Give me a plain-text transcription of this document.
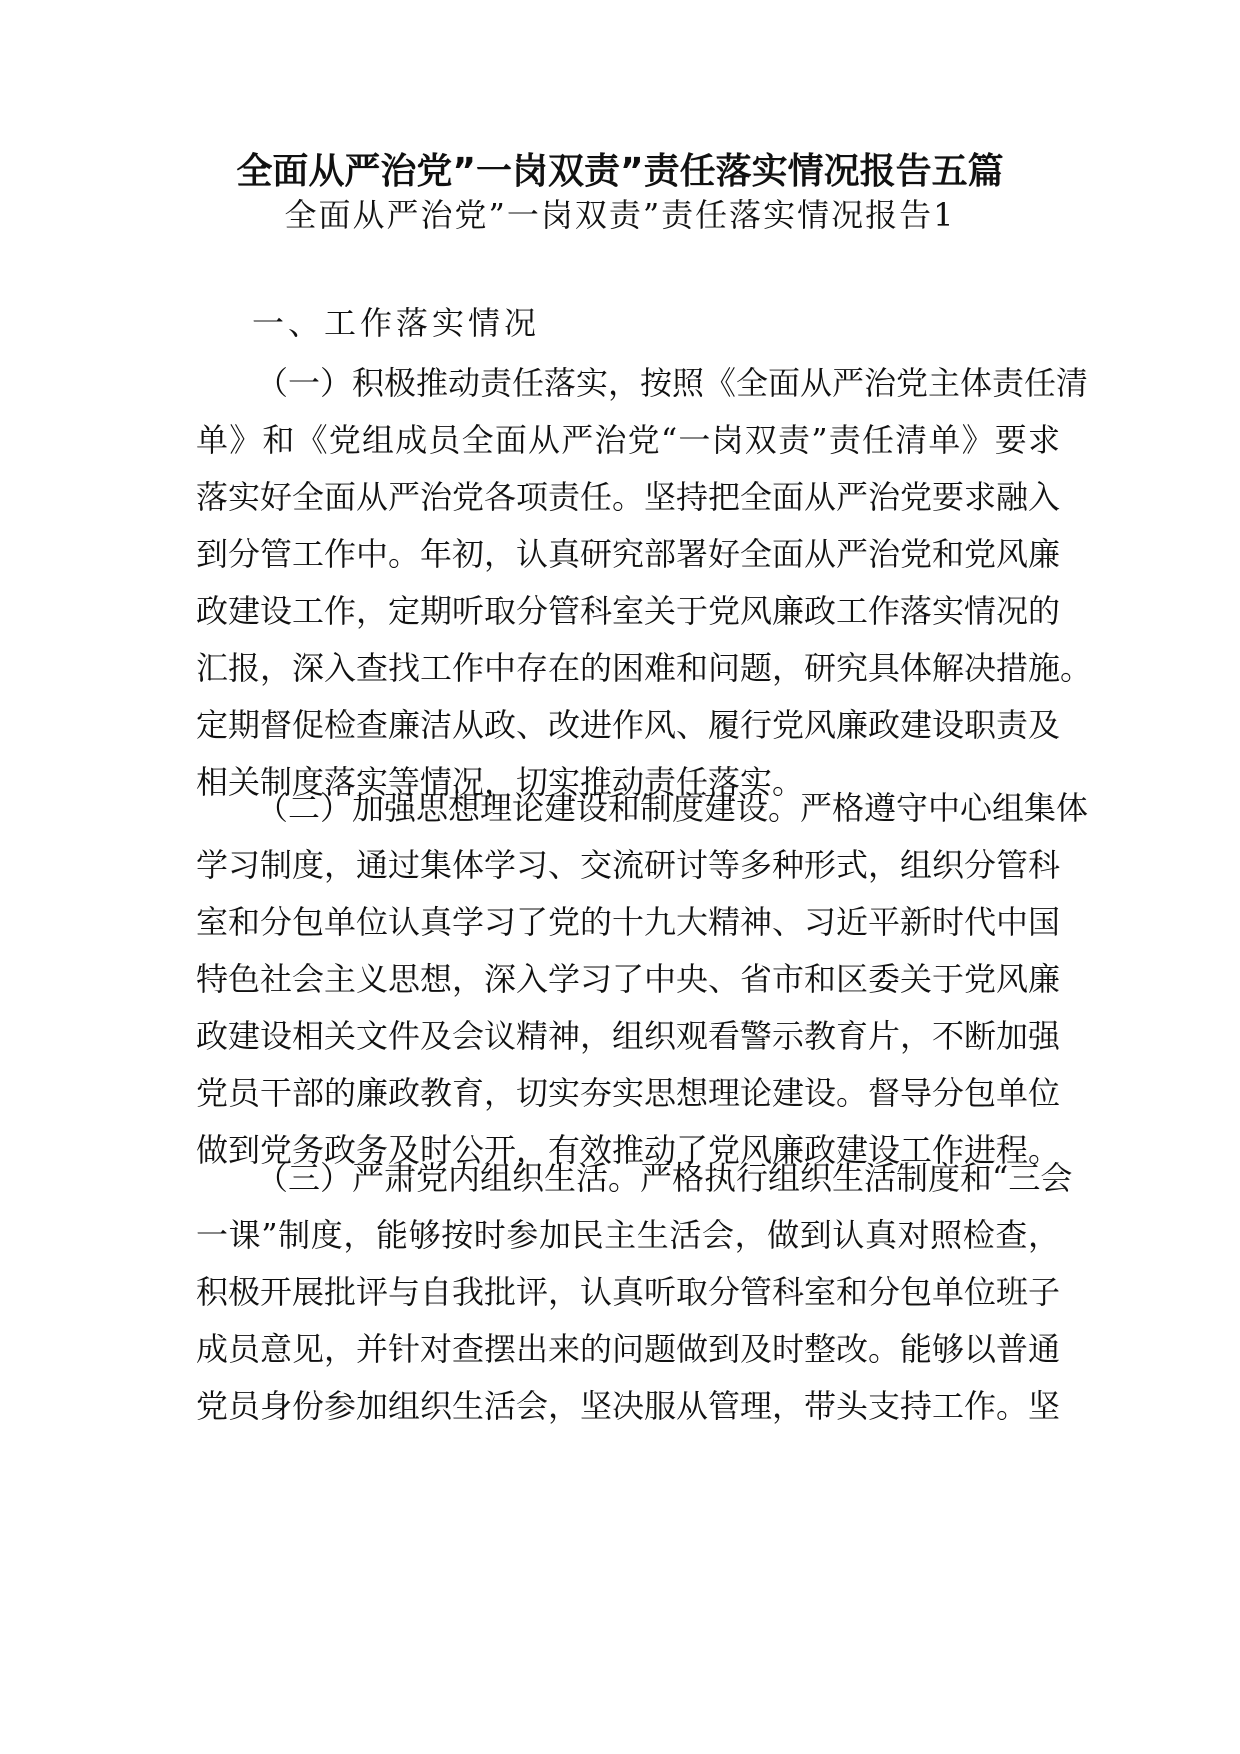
全面从严治党”一岗双责”责任落实情况报告五篇
全面从严治党”一岗双责”责任落实情况报告1
一、工作落实情况
（一）积极推动责任落实，按照《全面从严治党主体责任清
单》和《党组成员全面从严治党“一岗双责”责任清单》要求
落实好全面从严治党各项责任。坚持把全面从严治党要求融入
到分管工作中。年初，认真研究部署好全面从严治党和党风廉
政建设工作，定期听取分管科室关于党风廉政工作落实情况的
汇报，深入查找工作中存在的困难和问题，研究具体解决措施。
定期督促检查廉洁从政、改进作风、履行党风廉政建设职责及
相关制度落实等情况，切实推动责任落实。
（二）加强思想理论建设和制度建设。严格遵守中心组集体
学习制度，通过集体学习、交流研讨等多种形式，组织分管科
室和分包单位认真学习了党的十九大精神、习近平新时代中国
特色社会主义思想，深入学习了中央、省市和区委关于党风廉
政建设相关文件及会议精神，组织观看警示教育片，不断加强
党员干部的廉政教育，切实夯实思想理论建设。督导分包单位
做到党务政务及时公开，有效推动了党风廉政建设工作进程。
（三）严肃党内组织生活。严格执行组织生活制度和“三会
一课”制度，能够按时参加民主生活会，做到认真对照检查，
积极开展批评与自我批评，认真听取分管科室和分包单位班子
成员意见，并针对查摆出来的问题做到及时整改。能够以普通
党员身份参加组织生活会，坚决服从管理，带头支持工作。坚
